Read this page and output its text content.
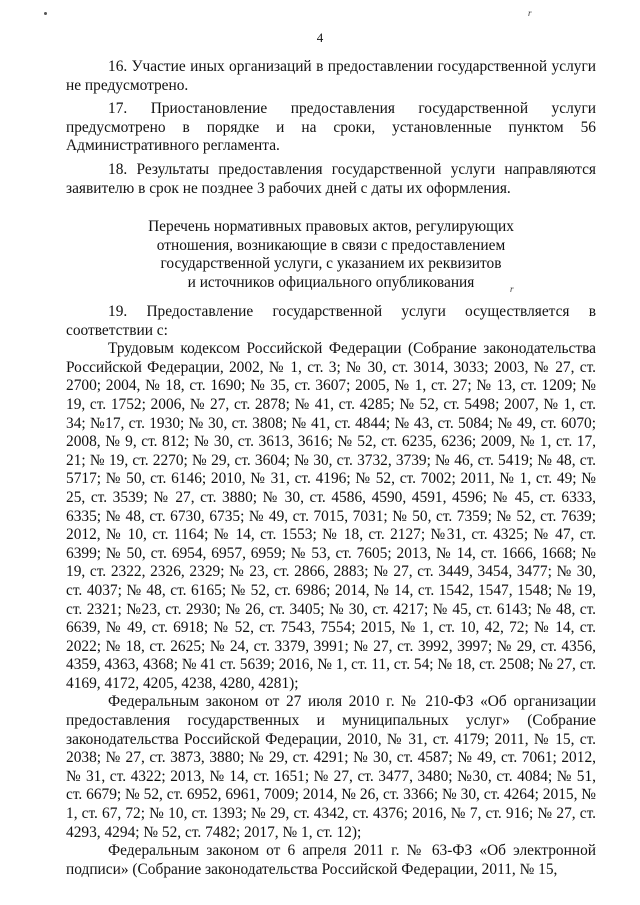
r
4

16. Участие иных организаций в предоставлении государственной услуги не предусмотрено.

17. Приостановление предоставления государственной услуги предусмотрено в порядке и на сроки, установленные пунктом 56 Административного регламента.

18. Результаты предоставления государственной услуги направляются заявителю в срок не позднее 3 рабочих дней с даты их оформления.

Перечень нормативных правовых актов, регулирующих
отношения, возникающие в связи с предоставлением
государственной услуги, с указанием их реквизитов
и источников официального опубликования	r

19. Предоставление государственной услуги осуществляется в соответствии с:

Трудовым кодексом Российской Федерации (Собрание законодательства Российской Федерации, 2002, № 1, ст. 3; № 30, ст. 3014, 3033; 2003, № 27, ст. 2700; 2004, № 18, ст. 1690; № 35, ст. 3607; 2005, № 1, ст. 27; № 13, ст. 1209; № 19, ст. 1752; 2006, № 27, ст. 2878; № 41, ст. 4285; № 52, ст. 5498; 2007, № 1, ст. 34; №17, ст. 1930; № 30, ст. 3808; № 41, ст. 4844; № 43, ст. 5084; № 49, ст. 6070; 2008, № 9, ст. 812; № 30, ст. 3613, 3616; № 52, ст. 6235, 6236; 2009, № 1, ст. 17, 21; № 19, ст. 2270; № 29, ст. 3604; № 30, ст. 3732, 3739; № 46, ст. 5419; № 48, ст. 5717; № 50, ст. 6146; 2010, № 31, ст. 4196; № 52, ст. 7002; 2011, № 1, ст. 49; № 25, ст. 3539; № 27, ст. 3880; № 30, ст. 4586, 4590, 4591, 4596; № 45, ст. 6333, 6335; № 48, ст. 6730, 6735; № 49, ст. 7015, 7031; № 50, ст. 7359; № 52, ст. 7639; 2012, № 10, ст. 1164; № 14, ст. 1553; № 18, ст. 2127; №31, ст. 4325; № 47, ст. 6399; № 50, ст. 6954, 6957, 6959; № 53, ст. 7605; 2013, № 14, ст. 1666, 1668; № 19, ст. 2322, 2326, 2329; № 23, ст. 2866, 2883; № 27, ст. 3449, 3454, 3477; № 30, ст. 4037; № 48, ст. 6165; № 52, ст. 6986; 2014, № 14, ст. 1542, 1547, 1548; № 19, ст. 2321; №23, ст. 2930; № 26, ст. 3405; № 30, ст. 4217; № 45, ст. 6143; № 48, ст. 6639, № 49, ст. 6918; № 52, ст. 7543, 7554; 2015, № 1, ст. 10, 42, 72; № 14, ст. 2022; № 18, ст. 2625; № 24, ст. 3379, 3991; № 27, ст. 3992, 3997; № 29, ст. 4356, 4359, 4363, 4368; № 41 ст. 5639; 2016, № 1, ст. 11, ст. 54; № 18, ст. 2508; № 27, ст. 4169, 4172, 4205, 4238, 4280, 4281);

Федеральным законом от 27 июля 2010 г. № 210-ФЗ «Об организации предоставления государственных и муниципальных услуг» (Собрание законодательства Российской Федерации, 2010, № 31, ст. 4179; 2011, № 15, ст. 2038; № 27, ст. 3873, 3880; № 29, ст. 4291; № 30, ст. 4587; № 49, ст. 7061; 2012, № 31, ст. 4322; 2013, № 14, ст. 1651; № 27, ст. 3477, 3480; №30, ст. 4084; № 51, ст. 6679; № 52, ст. 6952, 6961, 7009; 2014, № 26, ст. 3366; № 30, ст. 4264; 2015, № 1, ст. 67, 72; № 10, ст. 1393; № 29, ст. 4342, ст. 4376; 2016, № 7, ст. 916; № 27, ст. 4293, 4294; № 52, ст. 7482; 2017, № 1, ст. 12);

Федеральным законом от 6 апреля 2011 г. № 63-ФЗ «Об электронной подписи» (Собрание законодательства Российской Федерации, 2011, № 15,
